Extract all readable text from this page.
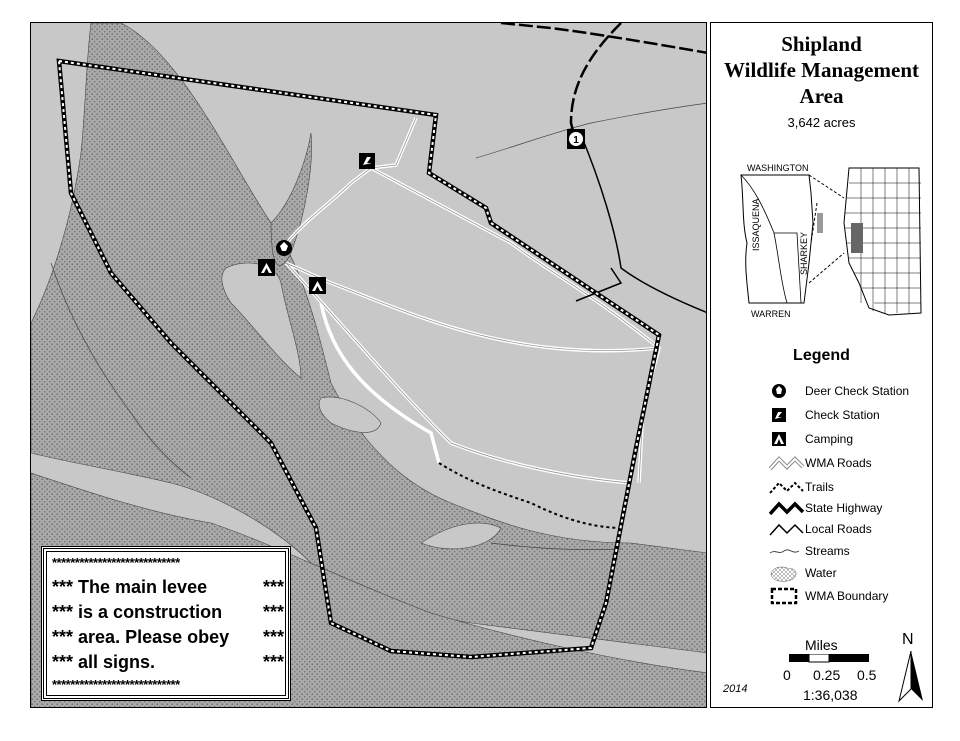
1
****************************
*** The main levee	***
*** is a construction ***
*** area. Please obey ***
*** all signs.	***
****************************
Shipland
Wildlife Management
Area
3,642 acres
WASHINGTON
ISSAQUENA
SHARKEY
WARREN
Legend
Deer Check Station
Check Station
Camping
WMA Roads
Trails
State Highway
Local Roads
Streams
Water
WMA Boundary
Miles
0 0.25 0.5
1:36,038
2014
N
